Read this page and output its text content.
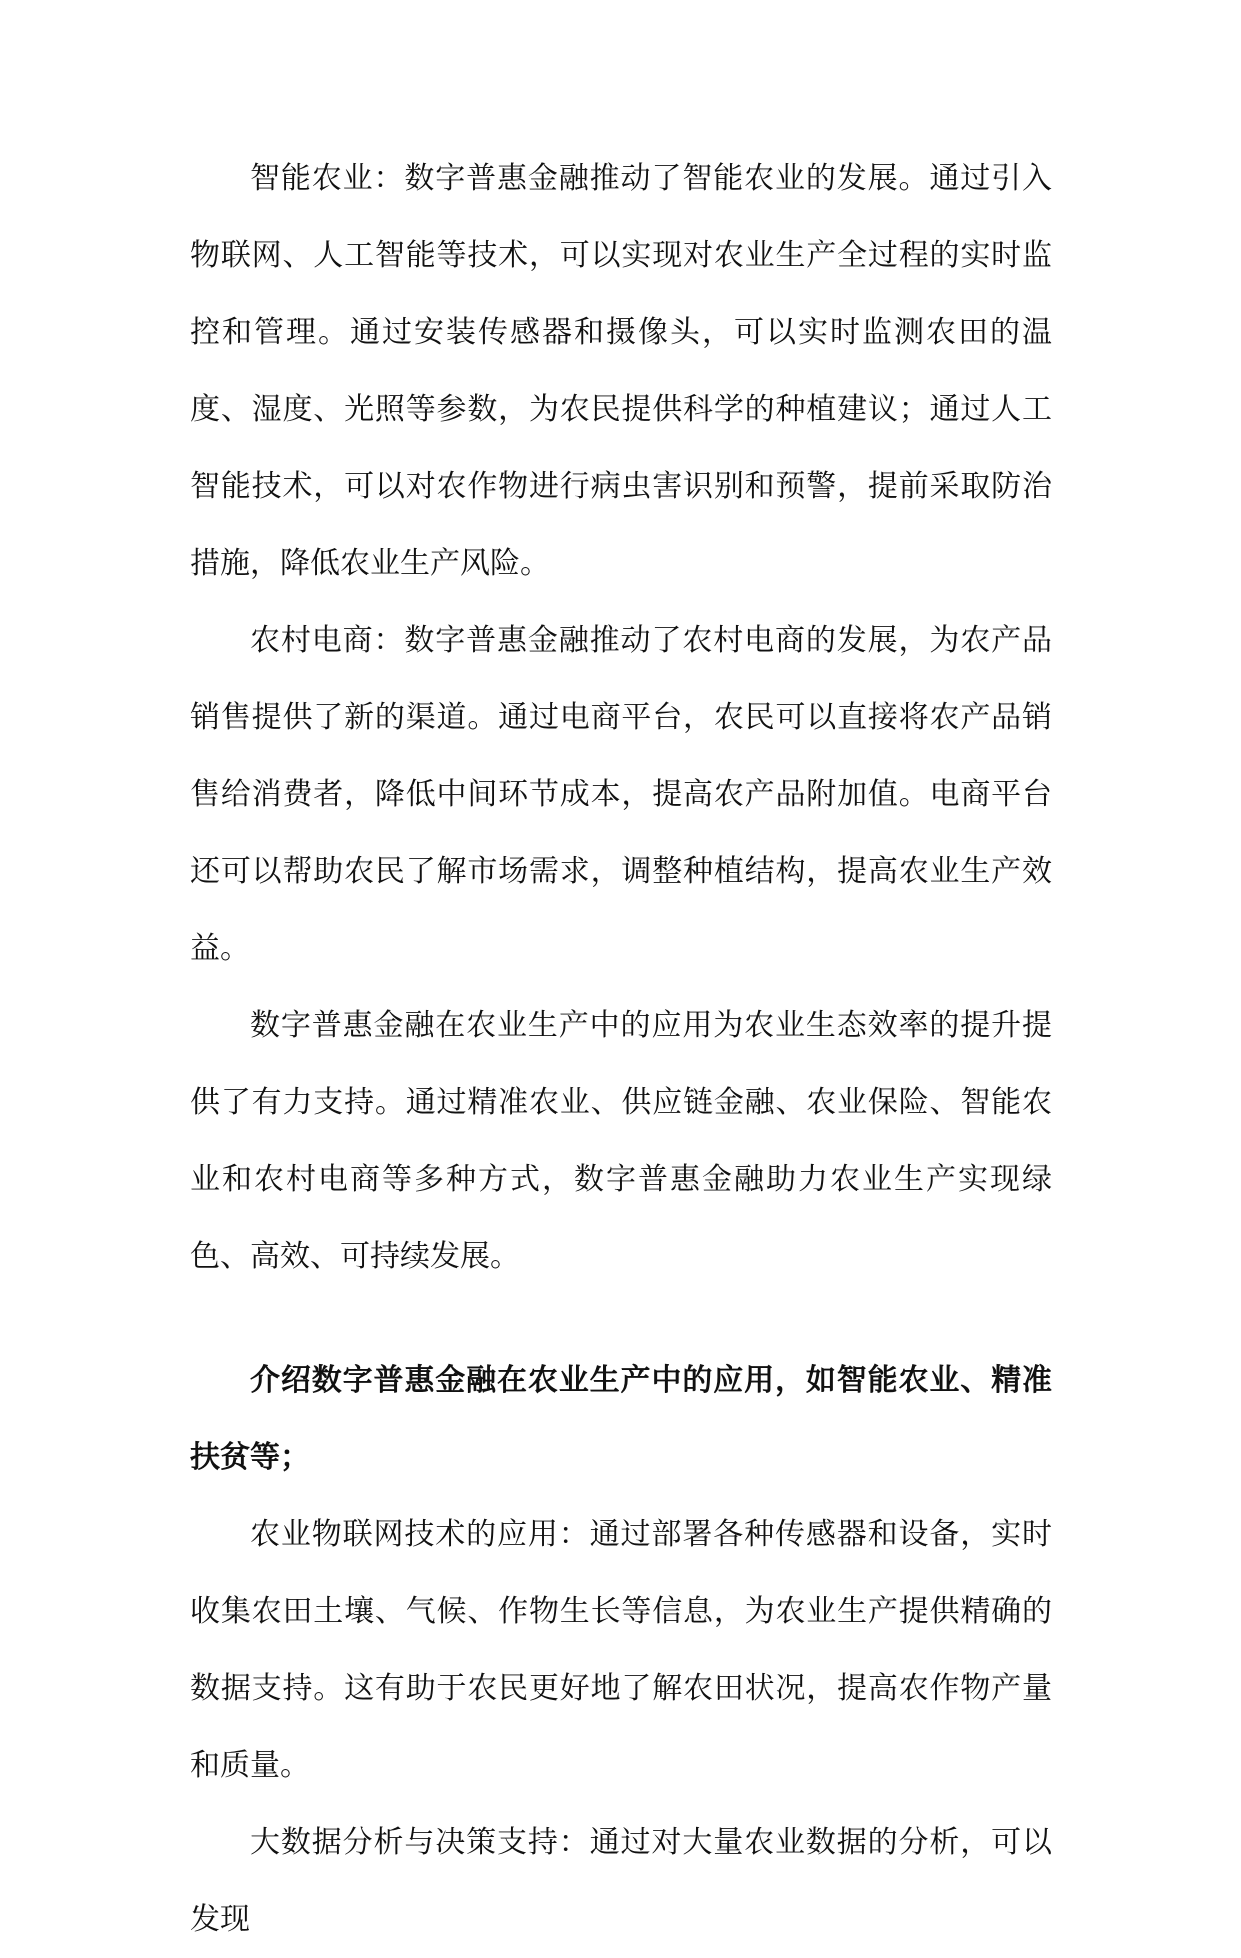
智能农业：数字普惠金融推动了智能农业的发展。通过引入物联网、人工智能等技术，可以实现对农业生产全过程的实时监控和管理。通过安装传感器和摄像头，可以实时监测农田的温度、湿度、光照等参数，为农民提供科学的种植建议；通过人工智能技术，可以对农作物进行病虫害识别和预警，提前采取防治措施，降低农业生产风险。

农村电商：数字普惠金融推动了农村电商的发展，为农产品销售提供了新的渠道。通过电商平台，农民可以直接将农产品销售给消费者，降低中间环节成本，提高农产品附加值。电商平台还可以帮助农民了解市场需求，调整种植结构，提高农业生产效益。

数字普惠金融在农业生产中的应用为农业生态效率的提升提供了有力支持。通过精准农业、供应链金融、农业保险、智能农业和农村电商等多种方式，数字普惠金融助力农业生产实现绿色、高效、可持续发展。

介绍数字普惠金融在农业生产中的应用，如智能农业、精准扶贫等；

农业物联网技术的应用：通过部署各种传感器和设备，实时收集农田土壤、气候、作物生长等信息，为农业生产提供精确的数据支持。这有助于农民更好地了解农田状况，提高农作物产量和质量。

大数据分析与决策支持：通过对大量农业数据的分析，可以发现
